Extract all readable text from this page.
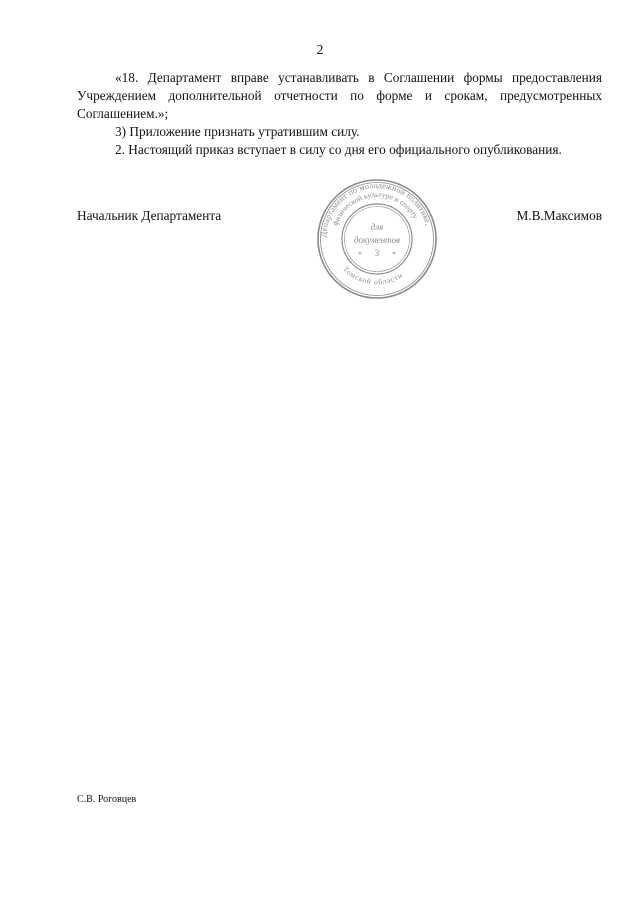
2

«18. Департамент вправе устанавливать в Соглашении формы предоставления Учреждением дополнительной отчетности по форме и срокам, предусмотренных Соглашением.»;

3) Приложение признать утратившим силу.

2. Настоящий приказ вступает в силу со дня его официального опубликования.

Начальник Департамента	М.В.Максимов
Департамент по молодежной политике,
физической культуре и спорту
Томской области
для
документов
3
*	*
С.В. Роговцев
